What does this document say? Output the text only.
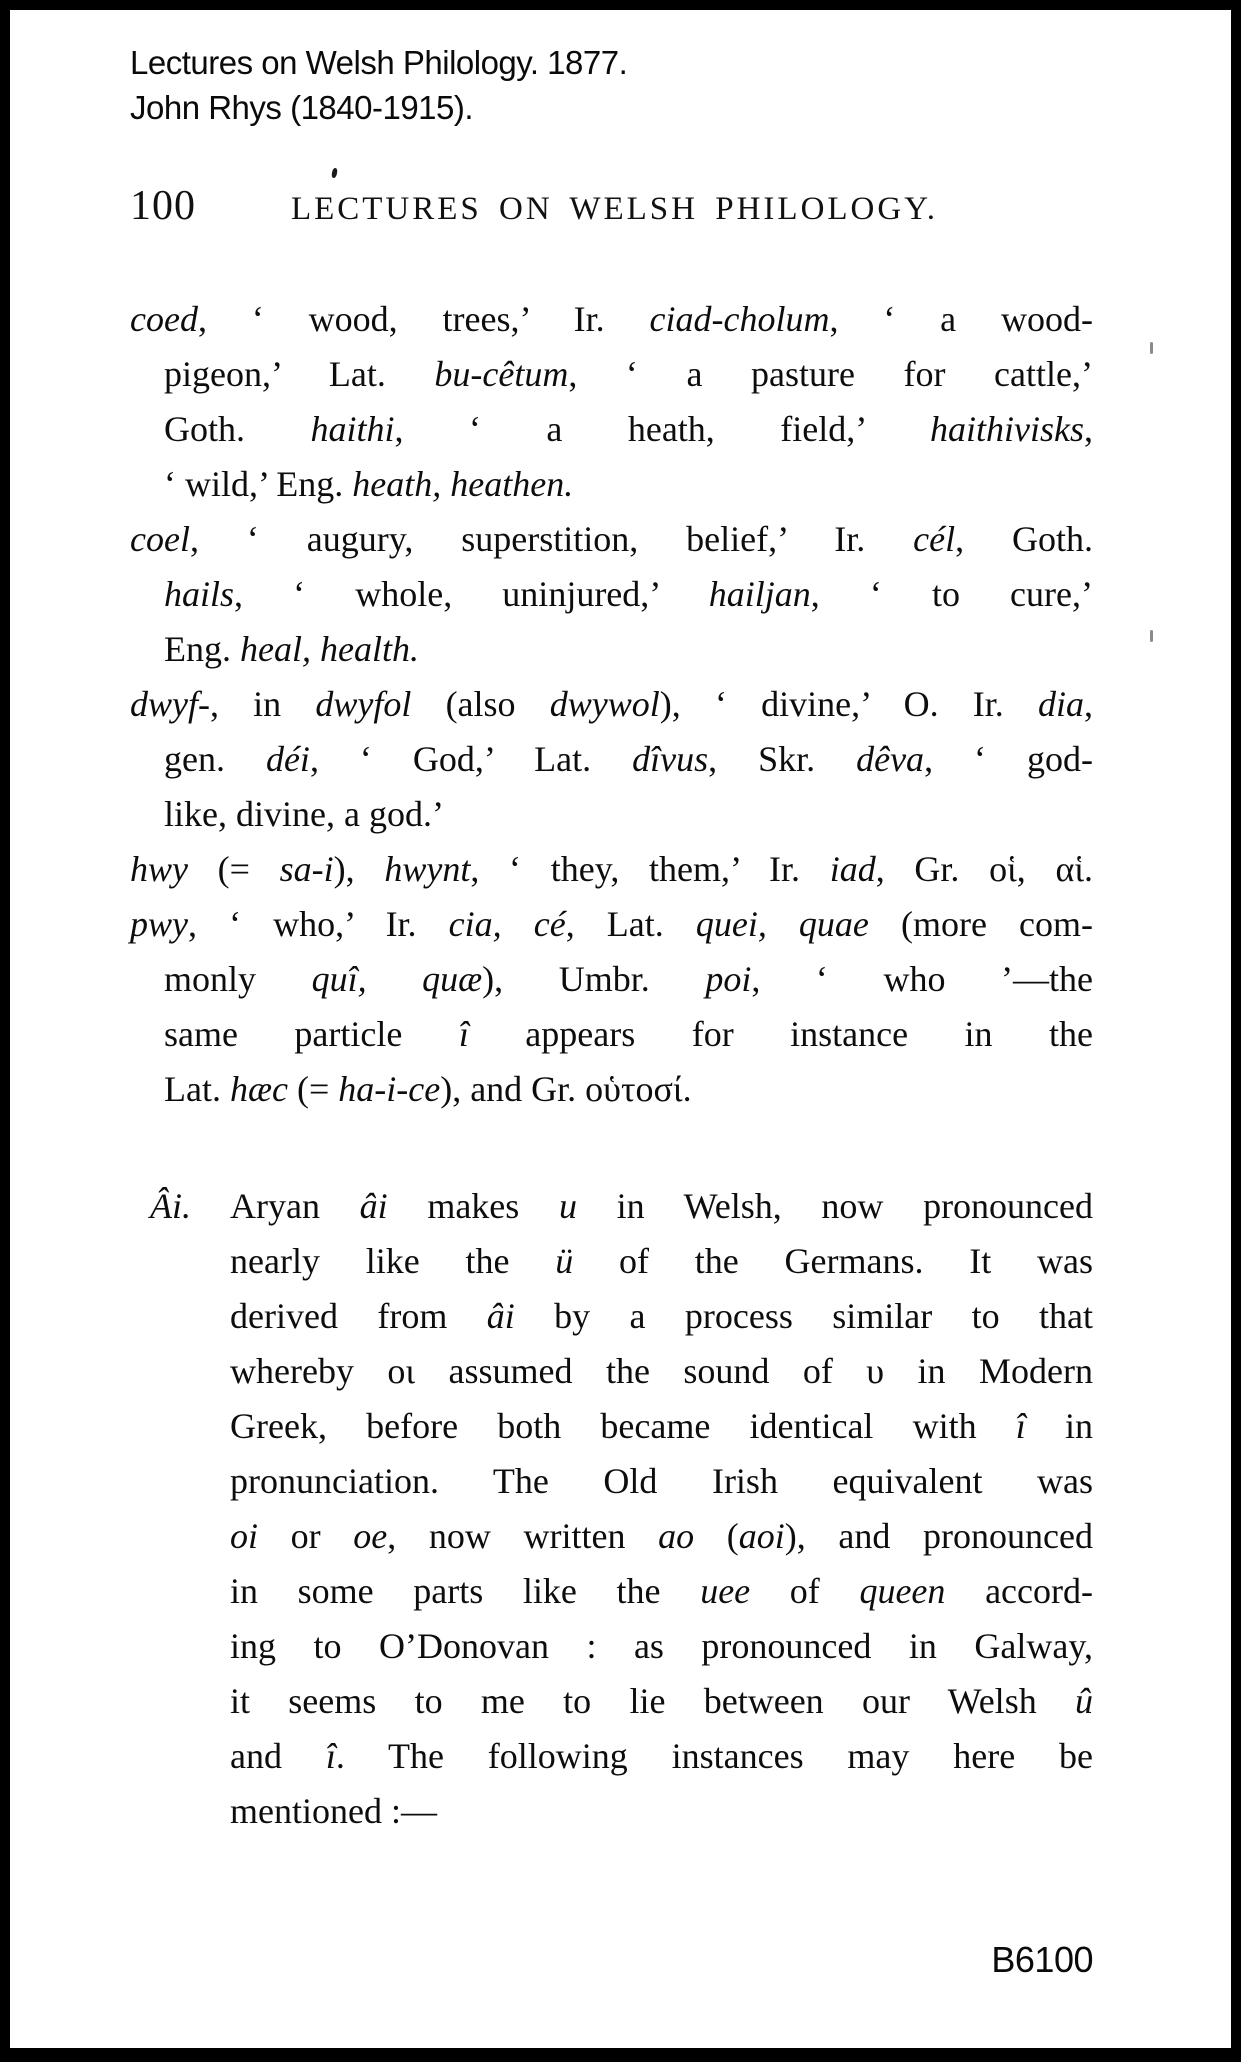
Lectures on Welsh Philology. 1877.
John Rhys (1840-1915).
100	LECTURES ON WELSH PHILOLOGY.
coed, ‘ wood, trees,’ Ir. ciad-cholum, ‘ a wood-
pigeon,’ Lat. bu-cêtum, ‘ a pasture for cattle,’
Goth. haithi, ‘ a heath, field,’ haithivisks,
‘ wild,’ Eng. heath, heathen.
coel, ‘ augury, superstition, belief,’ Ir. cél, Goth.
hails, ‘ whole, uninjured,’ hailjan, ‘ to cure,’
Eng. heal, health.
dwyf-, in dwyfol (also dwywol), ‘ divine,’ O. Ir. dia,
gen. déi, ‘ God,’ Lat. dîvus, Skr. dêva, ‘ god-
like, divine, a god.’
hwy (= sa-i), hwynt, ‘ they, them,’ Ir. iad, Gr. οἱ, αἱ.
pwy, ‘ who,’ Ir. cia, cé, Lat. quei, quae (more com-
monly quî, quæ), Umbr. poi, ‘ who ’—the
same particle î appears for instance in the
Lat. hæc (= ha-i-ce), and Gr. οὑτοσί.
Âi. Aryan âi makes u in Welsh, now pronounced
nearly like the ü of the Germans. It was
derived from âi by a process similar to that
whereby οι assumed the sound of υ in Modern
Greek, before both became identical with î in
pronunciation. The Old Irish equivalent was
oi or oe, now written ao (aoi), and pronounced
in some parts like the uee of queen accord-
ing to O’Donovan : as pronounced in Galway,
it seems to me to lie between our Welsh û
and î. The following instances may here be
mentioned :—
B6100
